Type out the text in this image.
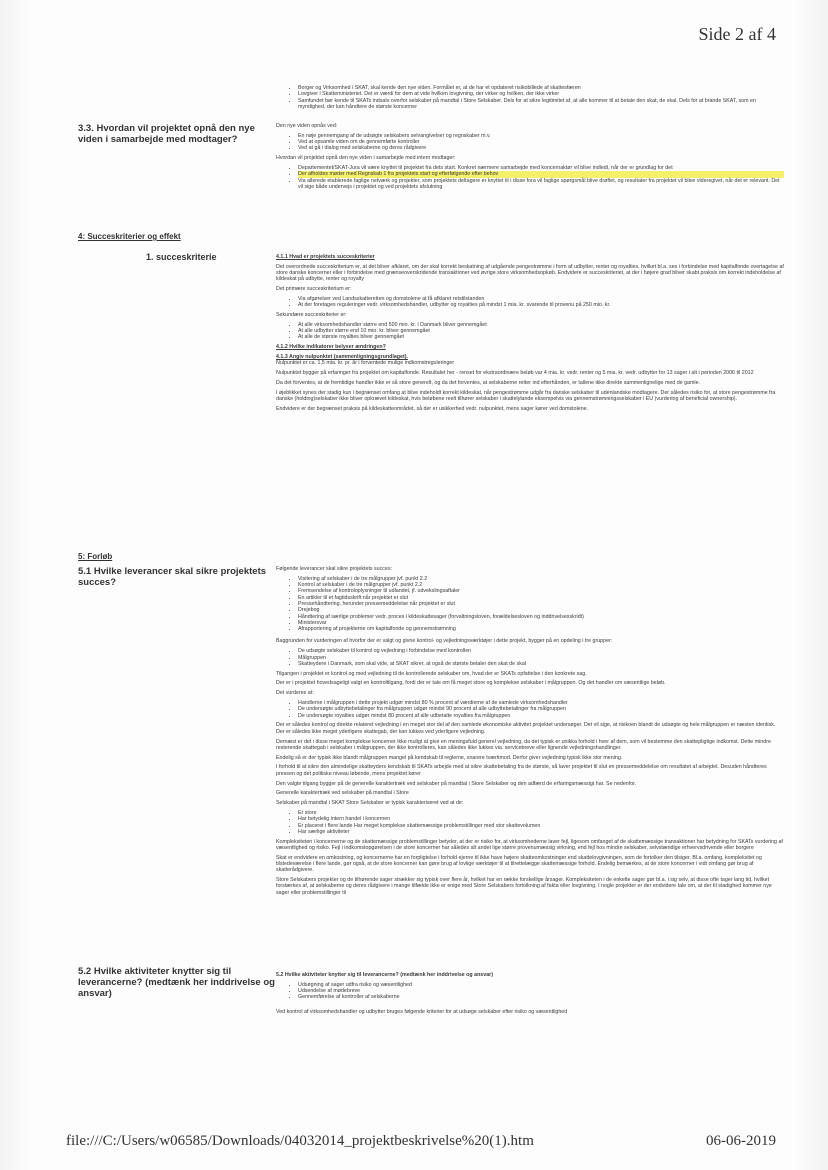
Side 2 af 4
• Borger og Virksomhed i SKAT, skal kende den nye viden. Formålet er, at de har et opdateret risikobillede af skattesfæren
• Lovgiver i Skatteministeriet. Det er værdi for dem at vide hvilken lovgivning, der virker og hvilken, der ikke virker
• Samfundet bør kende til SKATs indsats overfor selskaber på mandtal i Store Selskaber. Dels for at sikre legitimitet af, at alle kommer til at betale den skat, de skal. Dels for at brande SKAT, som en myndighed, der kan håndtere de største koncerner
3.3. Hvordan vil projektet opnå den nye viden i samarbejde med modtager?

Den nye viden opnås ved:

• En nøje gennemgang af de udsøgte selskabers selvangivelser og regnskaber m.v.
• Ved at opsamle viden om de gennemførte kontroller
• Ved at gå i dialog med selskaberne og deres rådgivere

Hvordan vil projektet opnå den nye viden i samarbejde med intern modtager:

• Departementet/SKAT-Jura vil være knyttet til projektet fra dets start. Konkret nærmere samarbejde med koncernaktør vil blive indledt, når der er grundlag for det
• Der afholdes møder med Regnskab 1 fra projektets start og efterfølgende efter behov
• Via allerede etablerede faglige netværk og projekter, som projektets deltagere er knyttet til i disse fora vil faglige spørgsmål blive drøftet, og resultater fra projektet vil blive videregivet, når det er relevant. Det vil sige både undervejs i projektet og ved projektets afslutning
4: Succeskriterier og effekt
1. succeskriterie	4.1.1 Hvad er projektets succeskriterier

Det overordnede succeskriterium er, at det bliver afklaret, om der skal korrekt beskatning af udgående pengestrømme i form af udbytter, renter og royalties, hvilket bl.a. ses i forbindelse med kapitalfonde overtagelse af store danske koncerner eller i forbindelse med grænseoverskridende transaktioner ved øvrige store virksomhedsopkøb. Endvidere er succeskriteriet, at der i højere grad bliver skabt praksis om korrekt indeholdelse af kildeskat på udbytte, renter og royalty

Det primære succeskriterium er:

• Via afgørelser ved Landsskatteretten og domstolene at få afklaret retstilstanden
• At der foretages reguleringer vedr. virksomhedshandler, udbytter og royalties på mindst 1 mia. kr. svarende til provenu på 250 mio. kr.

Sekundære succeskriterier er:

• At alle virksomhedshandler større end 500 mio. kr. i Danmark bliver gennemgået
• At alle udbytter større end 10 mio. kr. bliver gennemgået
• At alle de største royalties bliver gennemgået

4.1.2 Hvilke indikatorer belyser ændringen?

4.1.3 Angiv nulpunktet (sammenligningsgrundlaget).

Nulpunktet er ca. 1,5 mia. kr. pr. år i forventede mulige indkomstreguleringer

Nulpunktet bygger på erfaringer fra projektet om kapitalfonde. Resultatet her - renset for ekstraordinære beløb var 4 mia. kr. vedr. renter og 5 mia. kr. vedr. udbytter for 13 sager i alt i perioden 2006 til 2012

Da det forventes, at de fremtidige handler ikke er så store generelt, og da det forventes, at selskaberne retter ind efterhånden, er tallene ikke direkte sammenlignelige med de gamle.

I øjeblikket synes der stadig kun i begrænset omfang at blive indeholdt korrekt kildeskat, når pengestrømme udgår fra danske selskaber til udenlandske modtagere. Der således risiko for, at store pengestrømme fra danske (holding)selskaber ikke bliver opkrævet kildeskat, hvis beløbene reelt tilhører selskaber i skattelylande eksempelvis via gennemstrømningsselskaber i EU (vurdering af beneficial ownership).

Endvidere er der begrænset praksis på kildeskatteområdet, så der er usikkerhed vedr. nulpunktet, mens sager kører ved domstolene.

5: Forløb
5.1 Hvilke leverancer skal sikre projektets succes?

Følgende leverancer skal sikre projektets succes:

• Visitering af selskaber i de tre målgrupper jvf. punkt 2.2
• Kontrol af selskaber i de tre målgrupper jvf. punkt 2.2
• Fremsendelse af kontroloplysninger til udlandet, jf. udvekslingsaftaler
• En artikler til et fagtidsskrift når projektet er slut
• Pressehåndtering, herunder pressemeddelelse når projektet er slut
• Drejebog
• Håndtering af særlige problemer vedr. proces i kildeskattesager (forvaltningsloven, forældelsesloven og inddrivelsesskridt)
• Ministersvar
• Afrapportering af projekterne om kapitalfonde og gennemstrømning

Baggrunden for vurderingen af hvorfor der er valgt og givne kontrol- og vejledningsværktøjer i dette projekt, bygger på en opdeling i tre grupper:

• De udsøgte selskaber til kontrol og vejledning i forbindelse med kontrollen
• Målgruppen
• Skatteydere i Danmark, som skal vide, at SKAT sikrer, at også de største betaler den skat de skal

Tilgangen i projektet er kontrol og med vejledning til de kontrollerede selskaber om, hvad der er SKATs opfattelse i den konkrete sag.

Der er i projektet hovedsageligt valgt en kontroltilgang, fordi der er tale om få meget store og komplekse selskaber i målgruppen. Og det handler om væsentlige beløb.

Det vurderes at:

• Handlerne i målgruppen i dette projekt udgør mindst 80 % procent af værdierne af de samlede virksomhedshandler
• De undersøgte udbyttebetalinger fra målgruppen udgør mindst 90 procent af alle udbyttebetalinger fra målgruppen
• De undersøgte royalties udgør mindst 80 procent af alle udbetalte royalties fra målgruppen

Der er således kontrol og direkte relateret vejledning i en meget stor del af den samlede økonomiske aktivitet projektet undersøger. Det vil sige, at risikoen blandt de udsøgte og hele målgruppen er næsten identisk. Der er således ikke meget yderligere skattegab, der kan lukkes ved yderligere vejledning.

Dernæst er det i disse meget komplekse koncerner ikke muligt at give en meningsfuld generel vejledning, da det typisk er unikka forhold i hver af dem, som vil bestemme den skattepligtige indkomst. Dette mindre resterende skattegab i selskaber i målgruppen, der ikke kontrolleres, kan således ikke lukkes via. servicebreve eller lignende vejledningshandlinger.

Endelig så er der typisk ikke blandt målgruppen mangel på kendskab til reglerne, snarere tværtimod. Derfor giver vejledning typisk ikke stor mening.

I forhold til at sikre den almindelige skatteyders kendskab til SKATs arbejde med at sikre skattebetaling fra de største, så laver projektet til slut en pressemeddelelse om resultatet af arbejdet. Desuden håndteres pressen og det politiske niveau løbende, mens projektet kører

Den valgte tilgang bygger på de generelle karaktertræk ved selskaber på mandtal i Store Selskaber og den adfærd de erfaringsmæssigt har. Se nedenfor.

Generelle karaktertræk ved selskaber på mandtal i Store

Selskaber på mandtal i SKAT Store Selskaber er typisk karakteriseret ved at de:

• Er store
• Har betydelig intern handel i koncernen
• Er placeret i flere lande Har meget komplekse skattemæssige problemstillinger med stor skattevolumen
• Har særlige aktiviteter

Kompleksiteten i koncernerne og de skattemæssige problemstillinger betyder, at der er risiko for, at virksomhederne laver fejl, ligesom omfanget af de skattemæssige transaktioner har betydning for SKATs vurdering af væsentlighed og risiko. Fejl i indkomstopgørelsen i de store koncerner har således alt andet lige større provenumæssig virkning, end fejl hos mindre selskaber, selvstændige erhvervsdrivende eller borgere

Skat er endvidere en omkostning, og koncernerne har en forpligtelse i forhold ejerne til ikke have højere skatteomkostninger end skattelovgivningen, som de fortolker den tilsiger. Bl.a. omfang, kompleksitet og tilstedeværelse i flere lande, gør også, at de store koncerner kan gøre brug af lovlige værktøjer til at tilrettelægge skattemæssige forhold. Endelig bemærkes, at de store koncerner i vidt omfang gør brug af skatterådgivere.

Store Selskabers projekter og de tilhørende sager strækker sig typisk over flere år, hvilket har en række forskellige årsager. Kompleksiteten i de enkelte sager gør bl.a. i sig selv, at disse ofte tager lang tid, hvilket forstærkes af, at selskaberne og deres rådgivere i mange tilfælde ikke er enige med Store Selskabers fortolkning af fakta eller lovgivning. I nogle projekter er der endvidere tale om, at der til stadighed kommer nye sager eller problemstillinger til

5.2 Hvilke aktiviteter knytter sig til leverancerne? (medtænk her inddrivelse og ansvar)

5.2 Hvilke aktiviteter knytter sig til leverancerne? (medtænk her inddrivelse og ansvar)

• Udsøgning af sager udfra risiko og væsentlighed
• Udsendelse af mødebreve
• Gennemførelse af kontroller af selskaberne

Ved kontrol af virksomhedshandler og udbytter bruges følgende kriterier for at udsøge selskaber efter risiko og væsentlighed

file:///C:/Users/w06585/Downloads/04032014_projektbeskrivelse%20(1).htm	06-06-2019
